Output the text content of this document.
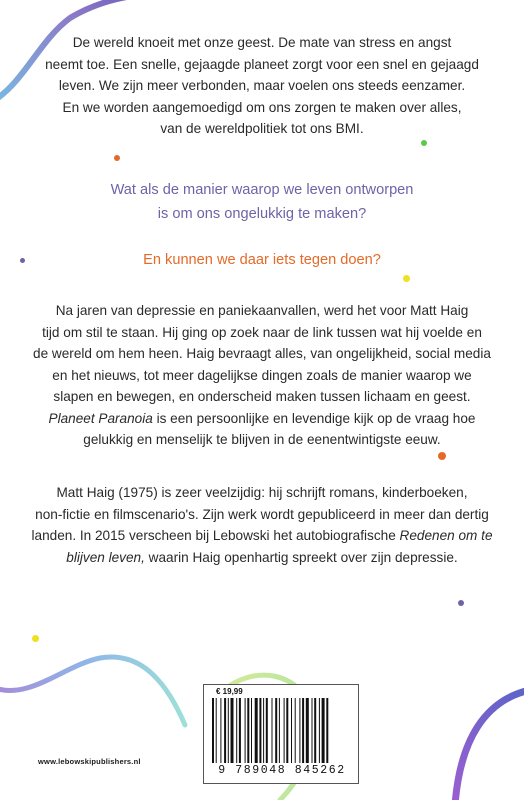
De wereld knoeit met onze geest. De mate van stress en angst
neemt toe. Een snelle, gejaagde planeet zorgt voor een snel en gejaagd
leven. We zijn meer verbonden, maar voelen ons steeds eenzamer.
En we worden aangemoedigd om ons zorgen te maken over alles,
van de wereldpolitiek tot ons BMI.

Wat als de manier waarop we leven ontworpen
is om ons ongelukkig te maken?

En kunnen we daar iets tegen doen?

Na jaren van depressie en paniekaanvallen, werd het voor Matt Haig
tijd om stil te staan. Hij ging op zoek naar de link tussen wat hij voelde en
de wereld om hem heen. Haig bevraagt alles, van ongelijkheid, social media
en het nieuws, tot meer dagelijkse dingen zoals de manier waarop we
slapen en bewegen, en onderscheid maken tussen lichaam en geest.
Planeet Paranoia is een persoonlijke en levendige kijk op de vraag hoe
gelukkig en menselijk te blijven in de eenentwintigste eeuw.

Matt Haig (1975) is zeer veelzijdig: hij schrijft romans, kinderboeken,
non-fictie en filmscenario's. Zijn werk wordt gepubliceerd in meer dan dertig
landen. In 2015 verscheen bij Lebowski het autobiografische Redenen om te
blijven leven, waarin Haig openhartig spreekt over zijn depressie.

www.lebowskipublishers.nl
€ 19,99
9 789048 845262
